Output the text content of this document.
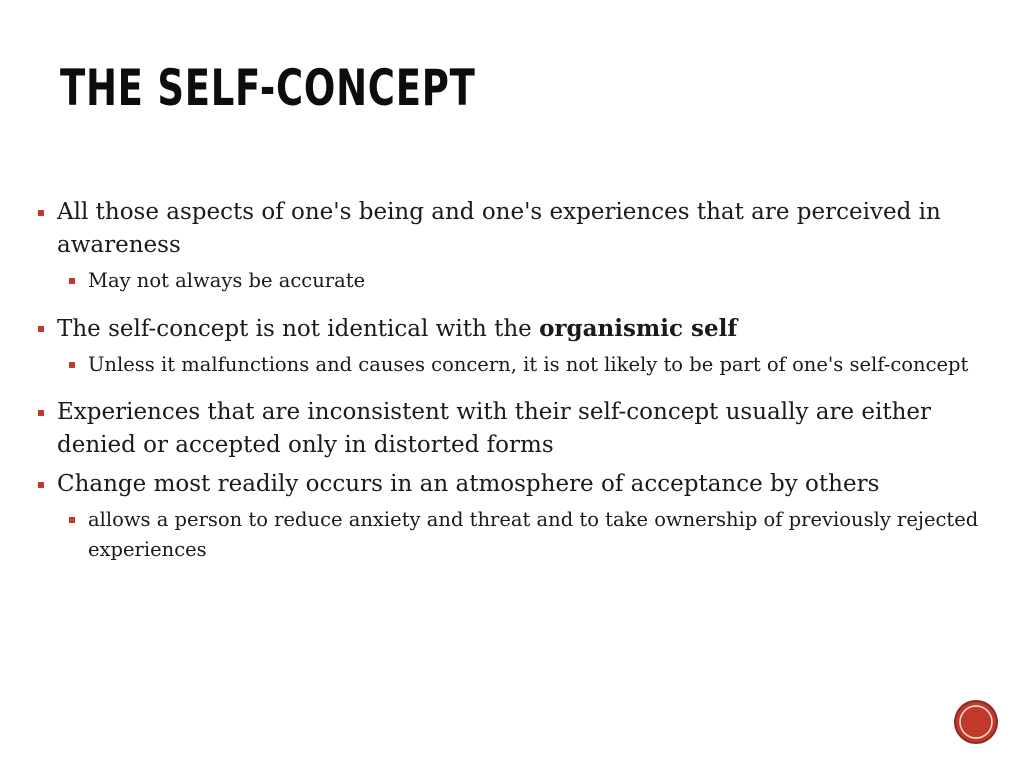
THE SELF-CONCEPT
All those aspects of one's being and one's experiences that are perceived in awareness
May not always be accurate
The self-concept is not identical with the organismic self
Unless it malfunctions and causes concern, it is not likely to be part of one's self-concept
Experiences that are inconsistent with their self-concept usually are either denied or accepted only in distorted forms
Change most readily occurs in an atmosphere of acceptance by others
allows a person to reduce anxiety and threat and to take ownership of previously rejected experiences
